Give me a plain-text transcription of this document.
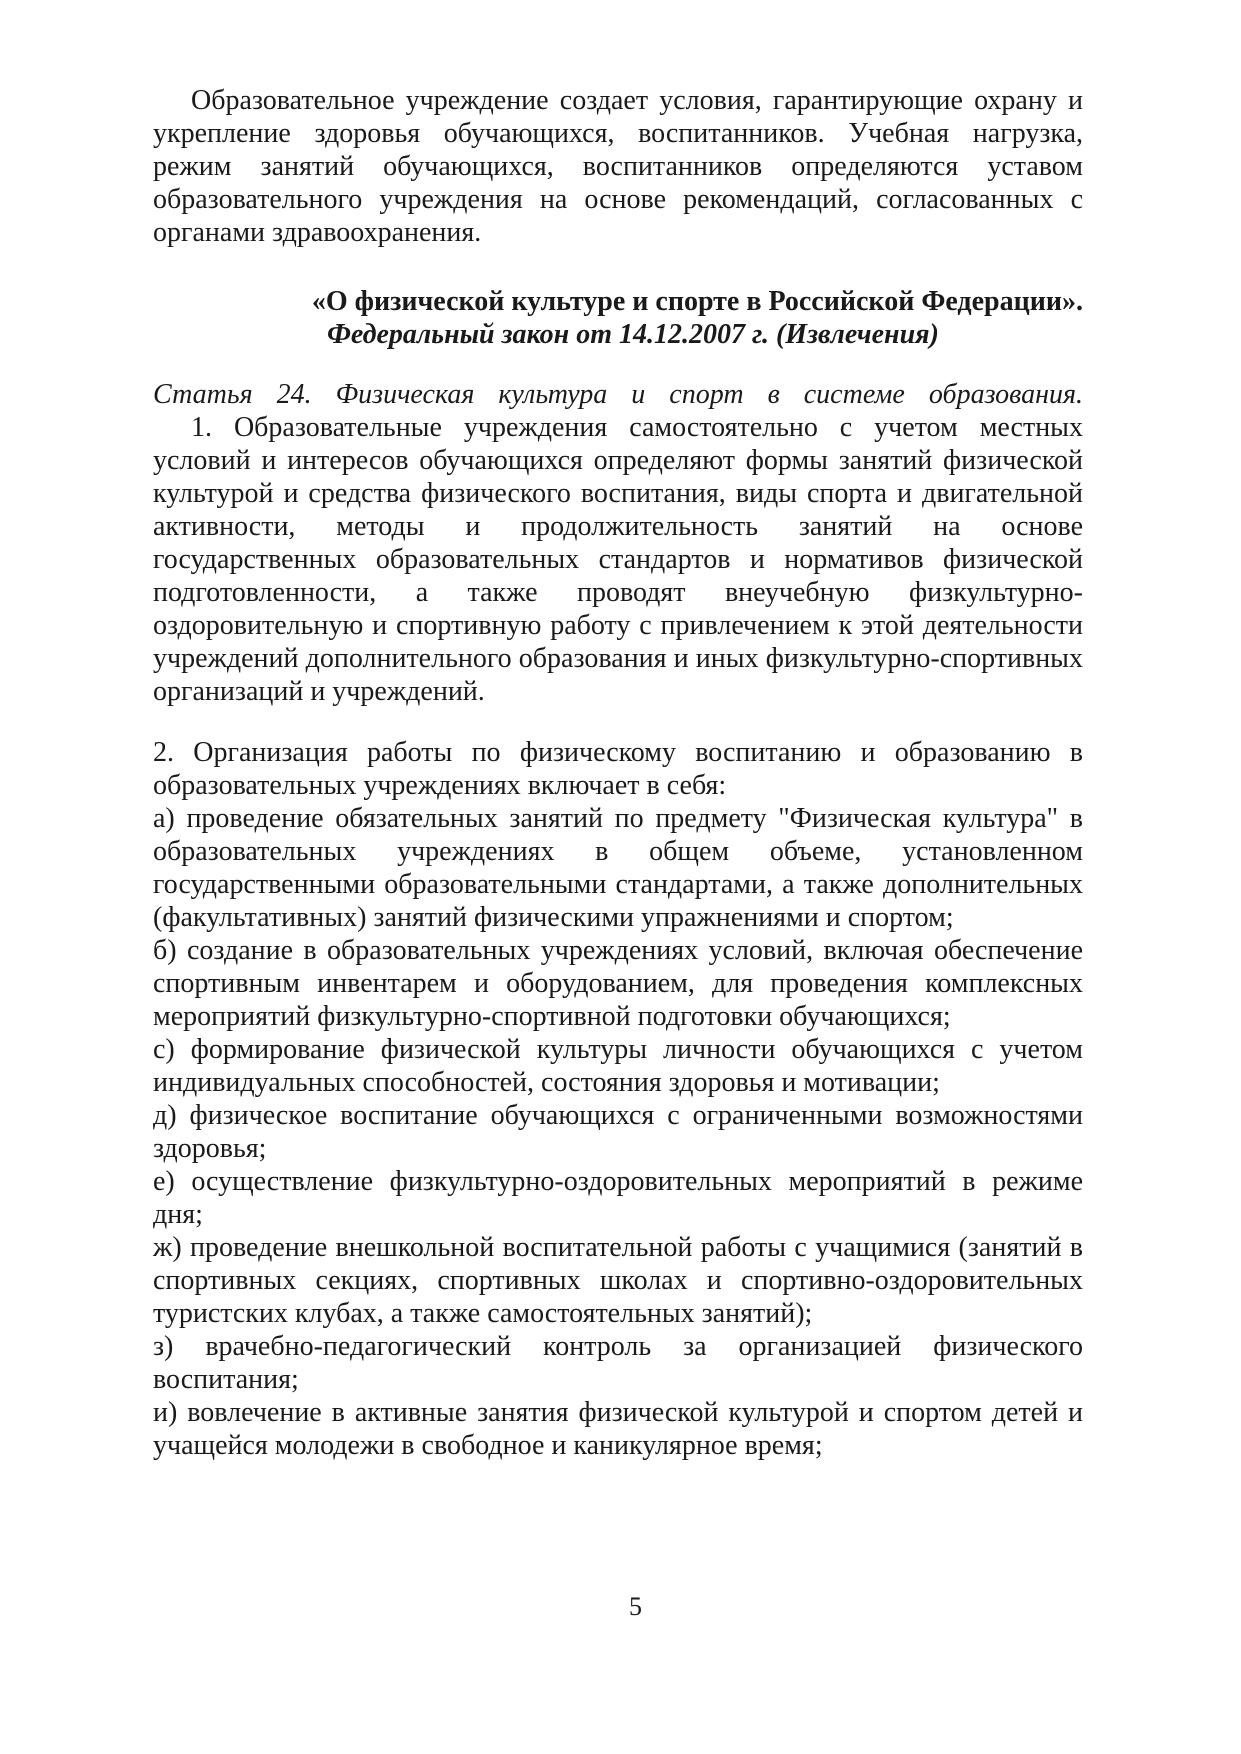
Образовательное учреждение создает условия, гарантирующие охрану и укрепление здоровья обучающихся, воспитанников. Учебная нагрузка, режим занятий обучающихся, воспитанников определяются уставом образовательного учреждения на основе рекомендаций, согласованных с органами здравоохранения.

«О физической культуре и спорте в Российской Федерации».
Федеральный закон от 14.12.2007 г. (Извлечения)

Статья 24. Физическая культура и спорт в системе образования.

1. Образовательные учреждения самостоятельно с учетом местных условий и интересов обучающихся определяют формы занятий физической культурой и средства физического воспитания, виды спорта и двигательной активности, методы и продолжительность занятий на основе государственных образовательных стандартов и нормативов физической подготовленности, а также проводят внеучебную физкультурно-оздоровительную и спортивную работу с привлечением к этой деятельности учреждений дополнительного образования и иных физкультурно-спортивных организаций и учреждений.

2. Организация работы по физическому воспитанию и образованию в образовательных учреждениях включает в себя:

а) проведение обязательных занятий по предмету "Физическая культура" в образовательных учреждениях в общем объеме, установленном государственными образовательными стандартами, а также дополнительных (факультативных) занятий физическими упражнениями и спортом;

б) создание в образовательных учреждениях условий, включая обеспечение спортивным инвентарем и оборудованием, для проведения комплексных мероприятий физкультурно-спортивной подготовки обучающихся;

с) формирование физической культуры личности обучающихся с учетом индивидуальных способностей, состояния здоровья и мотивации;

д) физическое воспитание обучающихся с ограниченными возможностями здоровья;

е) осуществление физкультурно-оздоровительных мероприятий в режиме дня;

ж) проведение внешкольной воспитательной работы с учащимися (занятий в спортивных секциях, спортивных школах и спортивно-оздоровительных туристских клубах, а также самостоятельных занятий);

з) врачебно-педагогический контроль за организацией физического воспитания;

и) вовлечение в активные занятия физической культурой и спортом детей и учащейся молодежи в свободное и каникулярное время;

5
